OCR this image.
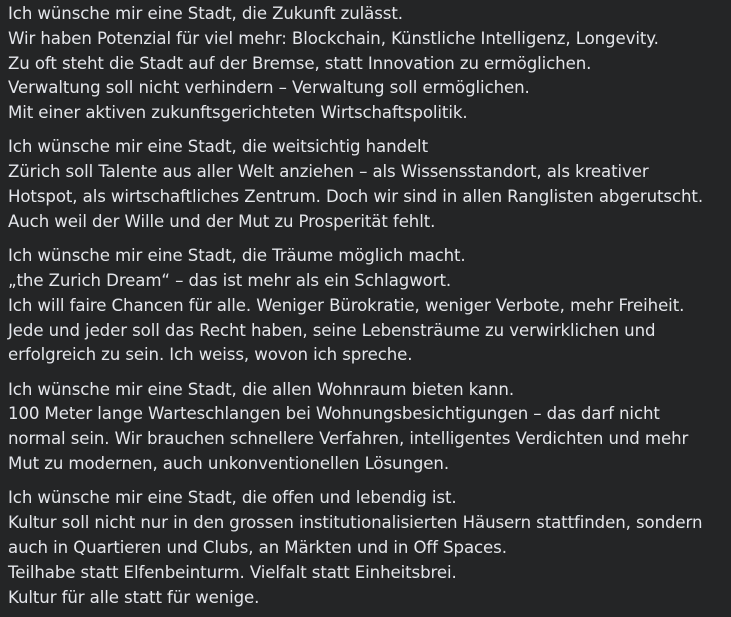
Ich wünsche mir eine Stadt, die Zukunft zulässt.
Wir haben Potenzial für viel mehr: Blockchain, Künstliche Intelligenz, Longevity.
Zu oft steht die Stadt auf der Bremse, statt Innovation zu ermöglichen.
Verwaltung soll nicht verhindern – Verwaltung soll ermöglichen.
Mit einer aktiven zukunftsgerichteten Wirtschaftspolitik.

Ich wünsche mir eine Stadt, die weitsichtig handelt
Zürich soll Talente aus aller Welt anziehen – als Wissensstandort, als kreativer
Hotspot, als wirtschaftliches Zentrum. Doch wir sind in allen Ranglisten abgerutscht.
Auch weil der Wille und der Mut zu Prosperität fehlt.

Ich wünsche mir eine Stadt, die Träume möglich macht.
„the Zurich Dream“ – das ist mehr als ein Schlagwort.
Ich will faire Chancen für alle. Weniger Bürokratie, weniger Verbote, mehr Freiheit.
Jede und jeder soll das Recht haben, seine Lebensträume zu verwirklichen und
erfolgreich zu sein. Ich weiss, wovon ich spreche.

Ich wünsche mir eine Stadt, die allen Wohnraum bieten kann.
100 Meter lange Warteschlangen bei Wohnungsbesichtigungen – das darf nicht
normal sein. Wir brauchen schnellere Verfahren, intelligentes Verdichten und mehr
Mut zu modernen, auch unkonventionellen Lösungen.

Ich wünsche mir eine Stadt, die offen und lebendig ist.
Kultur soll nicht nur in den grossen institutionalisierten Häusern stattfinden, sondern
auch in Quartieren und Clubs, an Märkten und in Off Spaces.
Teilhabe statt Elfenbeinturm. Vielfalt statt Einheitsbrei.
Kultur für alle statt für wenige.
